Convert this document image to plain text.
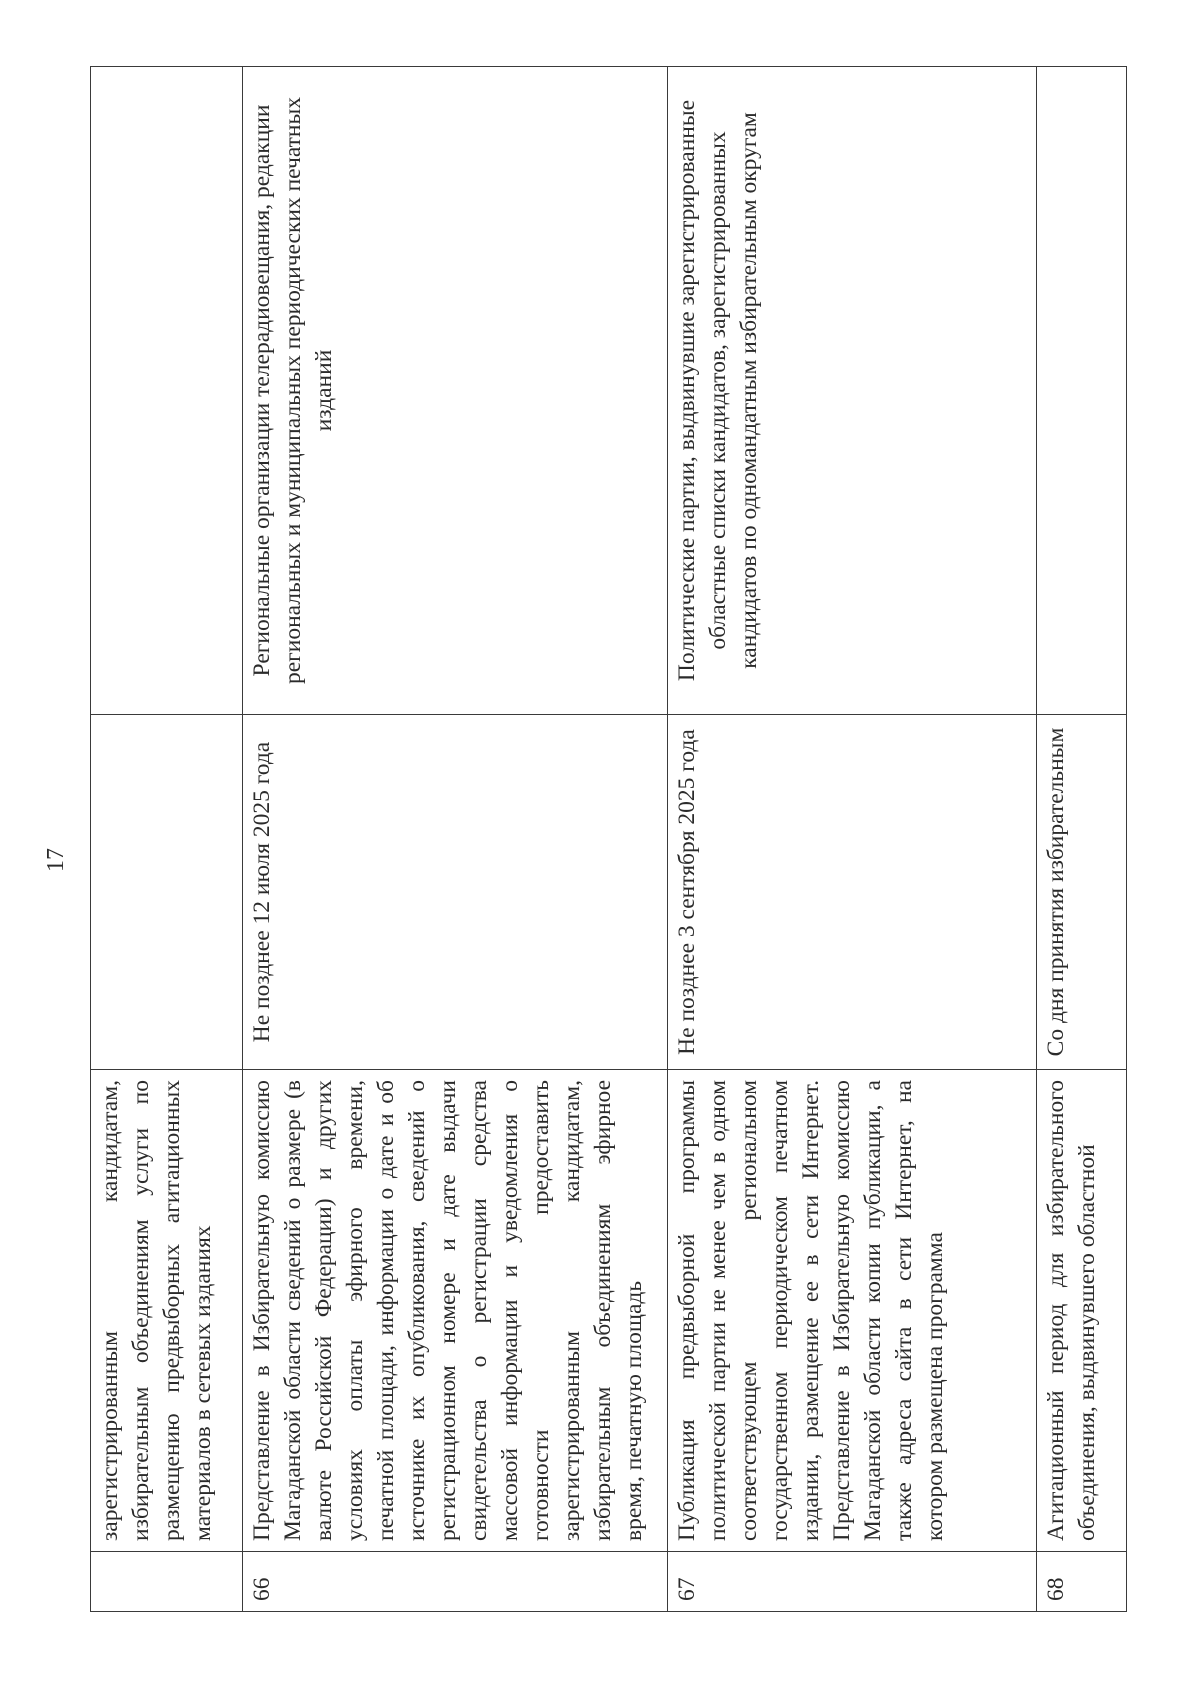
17
	зарегистрированным кандидатам, избирательным объединениям услуги по размещению предвыборных агитационных материалов в сетевых изданиях		
66	Представление в Избирательную комиссию Магаданской области сведений о размере (в валюте Российской Федерации) и других условиях оплаты эфирного времени, печатной площади, информации о дате и об источнике их опубликования, сведений о регистрационном номере и дате выдачи свидетельства о регистрации средства массовой информации и уведомления о готовности предоставить зарегистрированным кандидатам, избирательным объединениям эфирное время, печатную площадь	Не позднее 12 июля 2025 года	Региональные организации телерадиовещания, редакции региональных и муниципальных периодических печатных изданий
67	Публикация предвыборной программы политической партии не менее чем в одном соответствующем региональном государственном периодическом печатном издании, размещение ее в сети Интернет. Представление в Избирательную комиссию Магаданской области копии публикации, а также адреса сайта в сети Интернет, на котором размещена программа	Не позднее 3 сентября 2025 года	Политические партии, выдвинувшие зарегистрированные областные списки кандидатов, зарегистрированных кандидатов по одномандатным избирательным округам
68	Агитационный период для избирательного объединения, выдвинувшего областной	Со дня принятия избирательным	
